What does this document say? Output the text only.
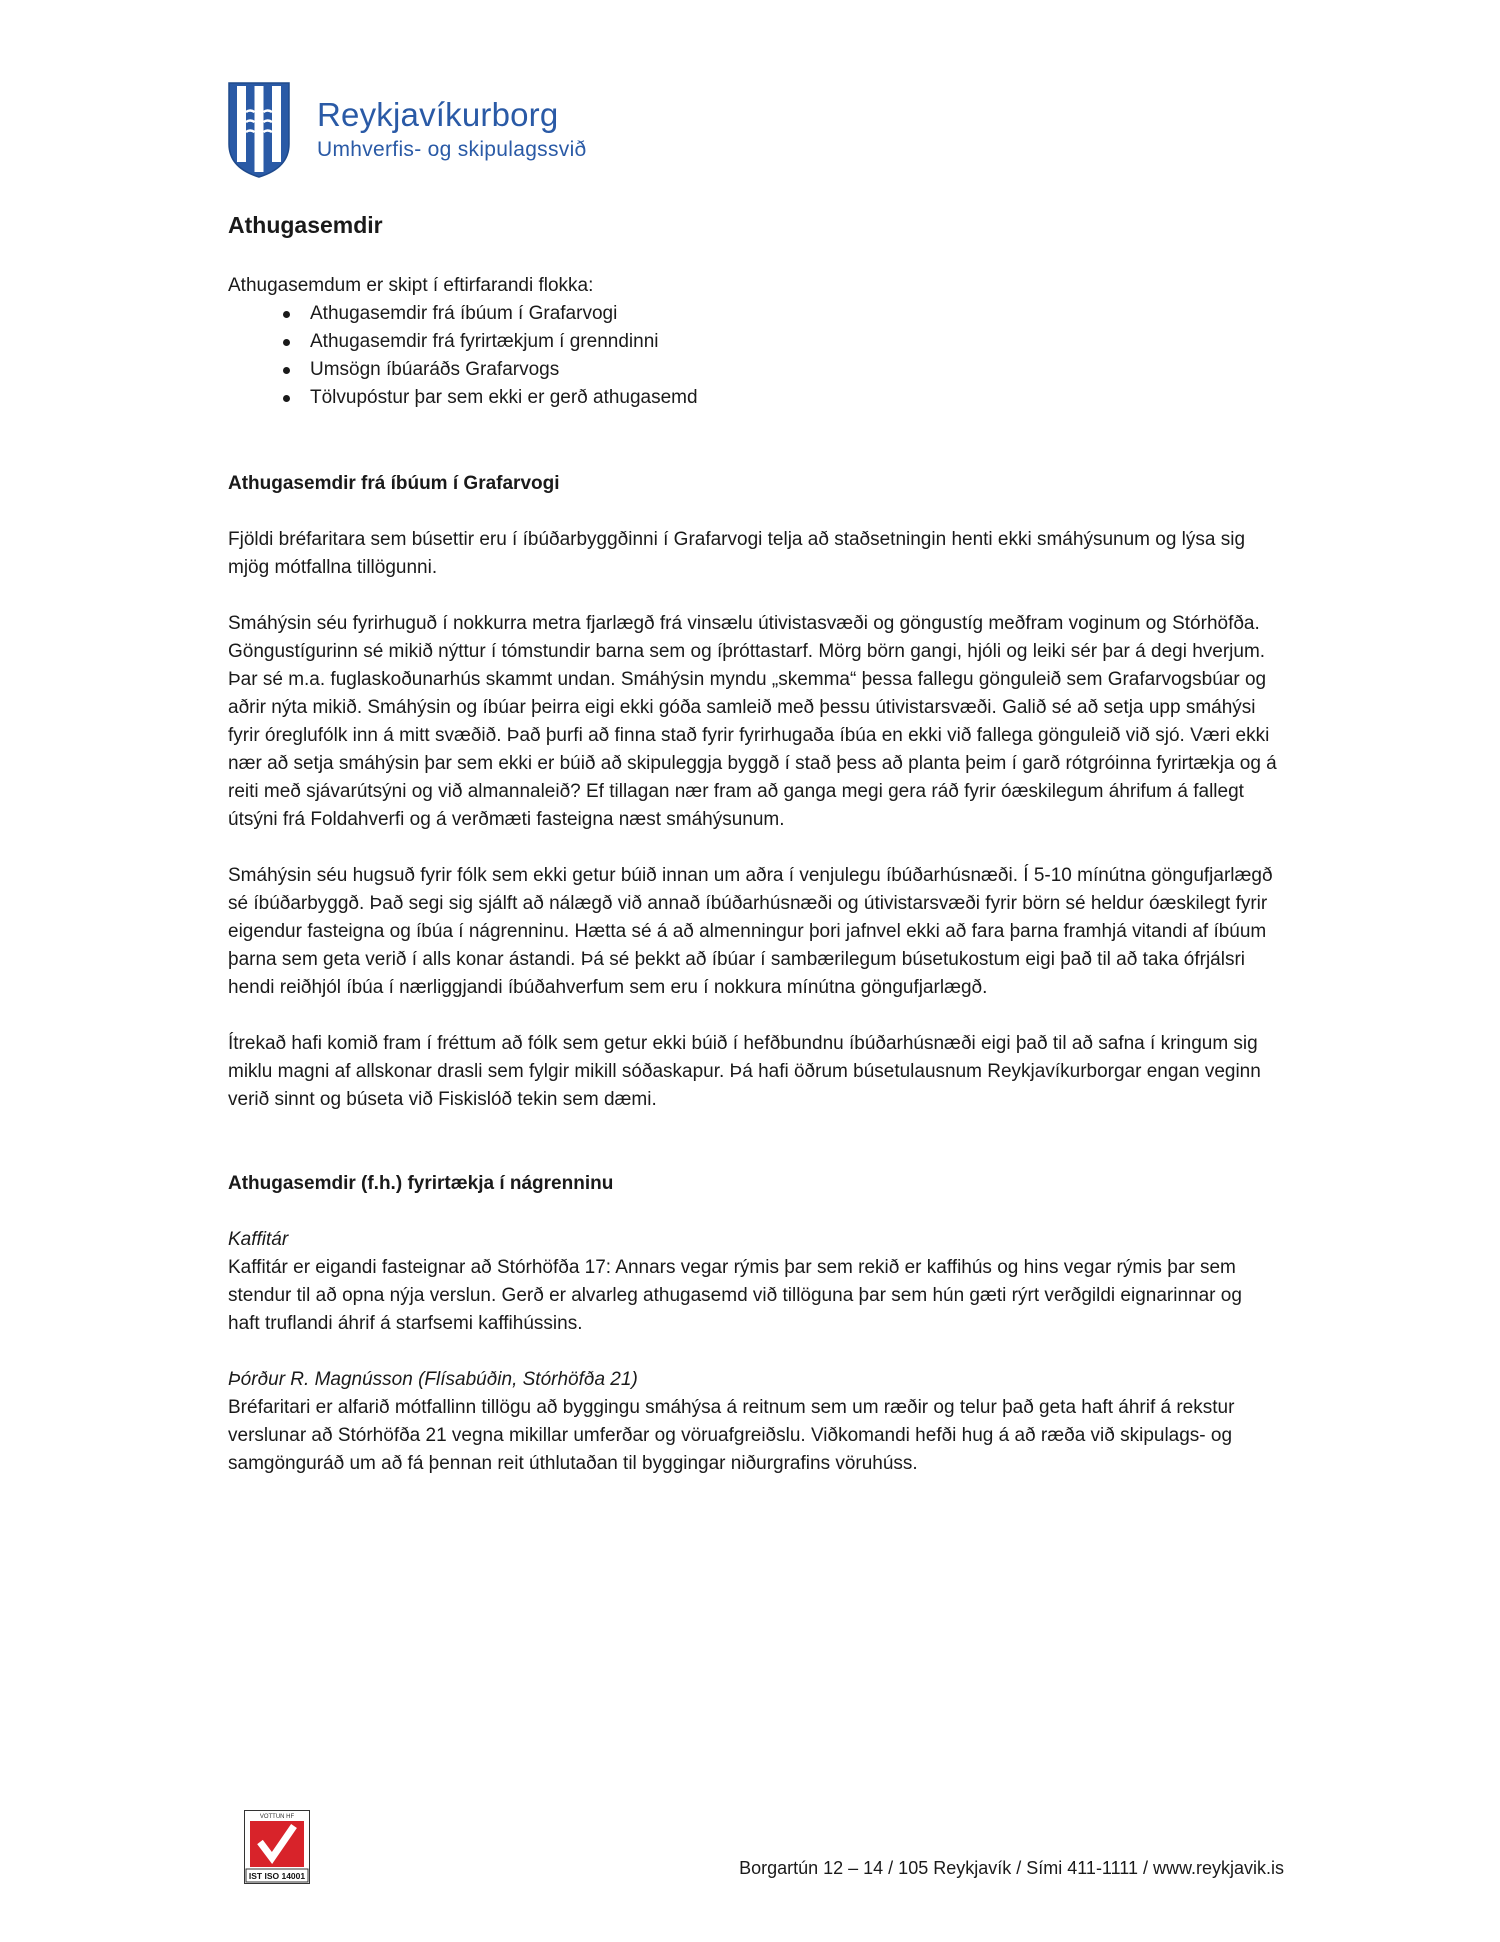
Reykjavíkurborg
Umhverfis- og skipulagssvið
Athugasemdir

Athugasemdum er skipt í eftirfarandi flokka:

Athugasemdir frá íbúum í Grafarvogi
Athugasemdir frá fyrirtækjum í grenndinni
Umsögn íbúaráðs Grafarvogs
Tölvupóstur þar sem ekki er gerð athugasemd
Athugasemdir frá íbúum í Grafarvogi

Fjöldi bréfaritara sem búsettir eru í íbúðarbyggðinni í Grafarvogi telja að staðsetningin henti ekki smáhýsunum og lýsa sig mjög mótfallna tillögunni.

Smáhýsin séu fyrirhuguð í nokkurra metra fjarlægð frá vinsælu útivistasvæði og göngustíg meðfram voginum og Stórhöfða. Göngustígurinn sé mikið nýttur í tómstundir barna sem og íþróttastarf. Mörg börn gangi, hjóli og leiki sér þar á degi hverjum. Þar sé m.a. fuglaskoðunarhús skammt undan. Smáhýsin myndu „skemma“ þessa fallegu gönguleið sem Grafarvogsbúar og aðrir nýta mikið. Smáhýsin og íbúar þeirra eigi ekki góða samleið með þessu útivistarsvæði. Galið sé að setja upp smáhýsi fyrir óreglufólk inn á mitt svæðið. Það þurfi að finna stað fyrir fyrirhugaða íbúa en ekki við fallega gönguleið við sjó. Væri ekki nær að setja smáhýsin þar sem ekki er búið að skipuleggja byggð í stað þess að planta þeim í garð rótgróinna fyrirtækja og á reiti með sjávarútsýni og við almannaleið? Ef tillagan nær fram að ganga megi gera ráð fyrir óæskilegum áhrifum á fallegt útsýni frá Foldahverfi og á verðmæti fasteigna næst smáhýsunum.

Smáhýsin séu hugsuð fyrir fólk sem ekki getur búið innan um aðra í venjulegu íbúðarhúsnæði. Í 5-10 mínútna göngufjarlægð sé íbúðarbyggð. Það segi sig sjálft að nálægð við annað íbúðarhúsnæði og útivistarsvæði fyrir börn sé heldur óæskilegt fyrir eigendur fasteigna og íbúa í nágrenninu. Hætta sé á að almenningur þori jafnvel ekki að fara þarna framhjá vitandi af íbúum þarna sem geta verið í alls konar ástandi. Þá sé þekkt að íbúar í sambærilegum búsetukostum eigi það til að taka ófrjálsri hendi reiðhjól íbúa í nærliggjandi íbúðahverfum sem eru í nokkura mínútna göngufjarlægð.

Ítrekað hafi komið fram í fréttum að fólk sem getur ekki búið í hefðbundnu íbúðarhúsnæði eigi það til að safna í kringum sig miklu magni af allskonar drasli sem fylgir mikill sóðaskapur. Þá hafi öðrum búsetulausnum Reykjavíkurborgar engan veginn verið sinnt og búseta við Fiskislóð tekin sem dæmi.

Athugasemdir (f.h.) fyrirtækja í nágrenninu

Kaffitár

Kaffitár er eigandi fasteignar að Stórhöfða 17: Annars vegar rýmis þar sem rekið er kaffihús og hins vegar rýmis þar sem stendur til að opna nýja verslun. Gerð er alvarleg athugasemd við tillöguna þar sem hún gæti rýrt verðgildi eignarinnar og haft truflandi áhrif á starfsemi kaffihússins.

Þórður R. Magnússon (Flísabúðin, Stórhöfða 21)

Bréfaritari er alfarið mótfallinn tillögu að byggingu smáhýsa á reitnum sem um ræðir og telur það geta haft áhrif á rekstur verslunar að Stórhöfða 21 vegna mikillar umferðar og vöruafgreiðslu. Viðkomandi hefði hug á að ræða við skipulags- og samgönguráð um að fá þennan reit úthlutaðan til byggingar niðurgrafins vöruhúss.

VOTTUN HF
IST ISO 14001	Borgartún 12 – 14 / 105 Reykjavík / Sími 411-1111 / www.reykjavik.is
